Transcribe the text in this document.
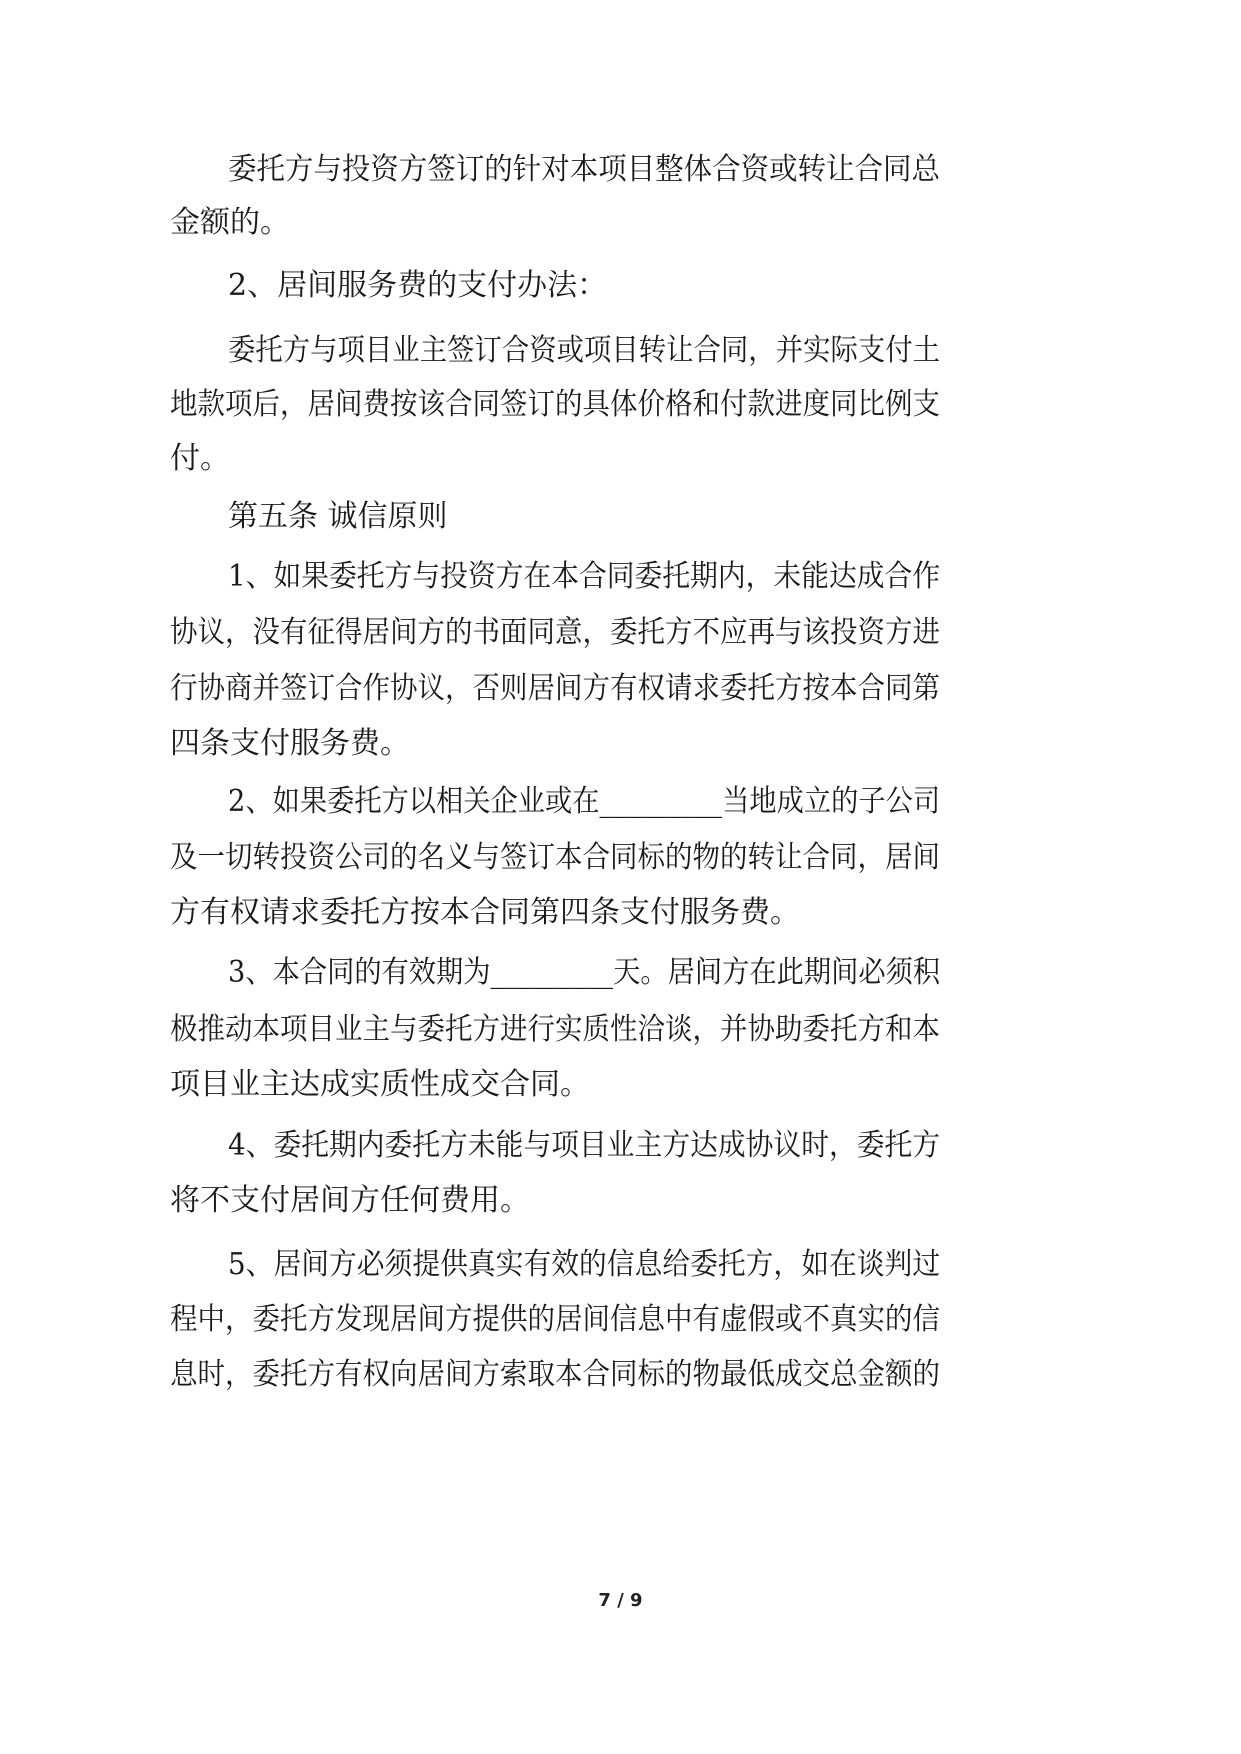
委托方与投资方签订的针对本项目整体合资或转让合同总
金额的。
2、居间服务费的支付办法：
委托方与项目业主签订合资或项目转让合同，并实际支付土
地款项后，居间费按该合同签订的具体价格和付款进度同比例支
付。
第五条 诚信原则
1、如果委托方与投资方在本合同委托期内，未能达成合作
协议，没有征得居间方的书面同意，委托方不应再与该投资方进
行协商并签订合作协议，否则居间方有权请求委托方按本合同第
四条支付服务费。
2、如果委托方以相关企业或在_________当地成立的子公司
及一切转投资公司的名义与签订本合同标的物的转让合同，居间
方有权请求委托方按本合同第四条支付服务费。
3、本合同的有效期为_________天。居间方在此期间必须积
极推动本项目业主与委托方进行实质性洽谈，并协助委托方和本
项目业主达成实质性成交合同。
4、委托期内委托方未能与项目业主方达成协议时，委托方
将不支付居间方任何费用。
5、居间方必须提供真实有效的信息给委托方，如在谈判过
程中，委托方发现居间方提供的居间信息中有虚假或不真实的信
息时，委托方有权向居间方索取本合同标的物最低成交总金额的
7 / 9
